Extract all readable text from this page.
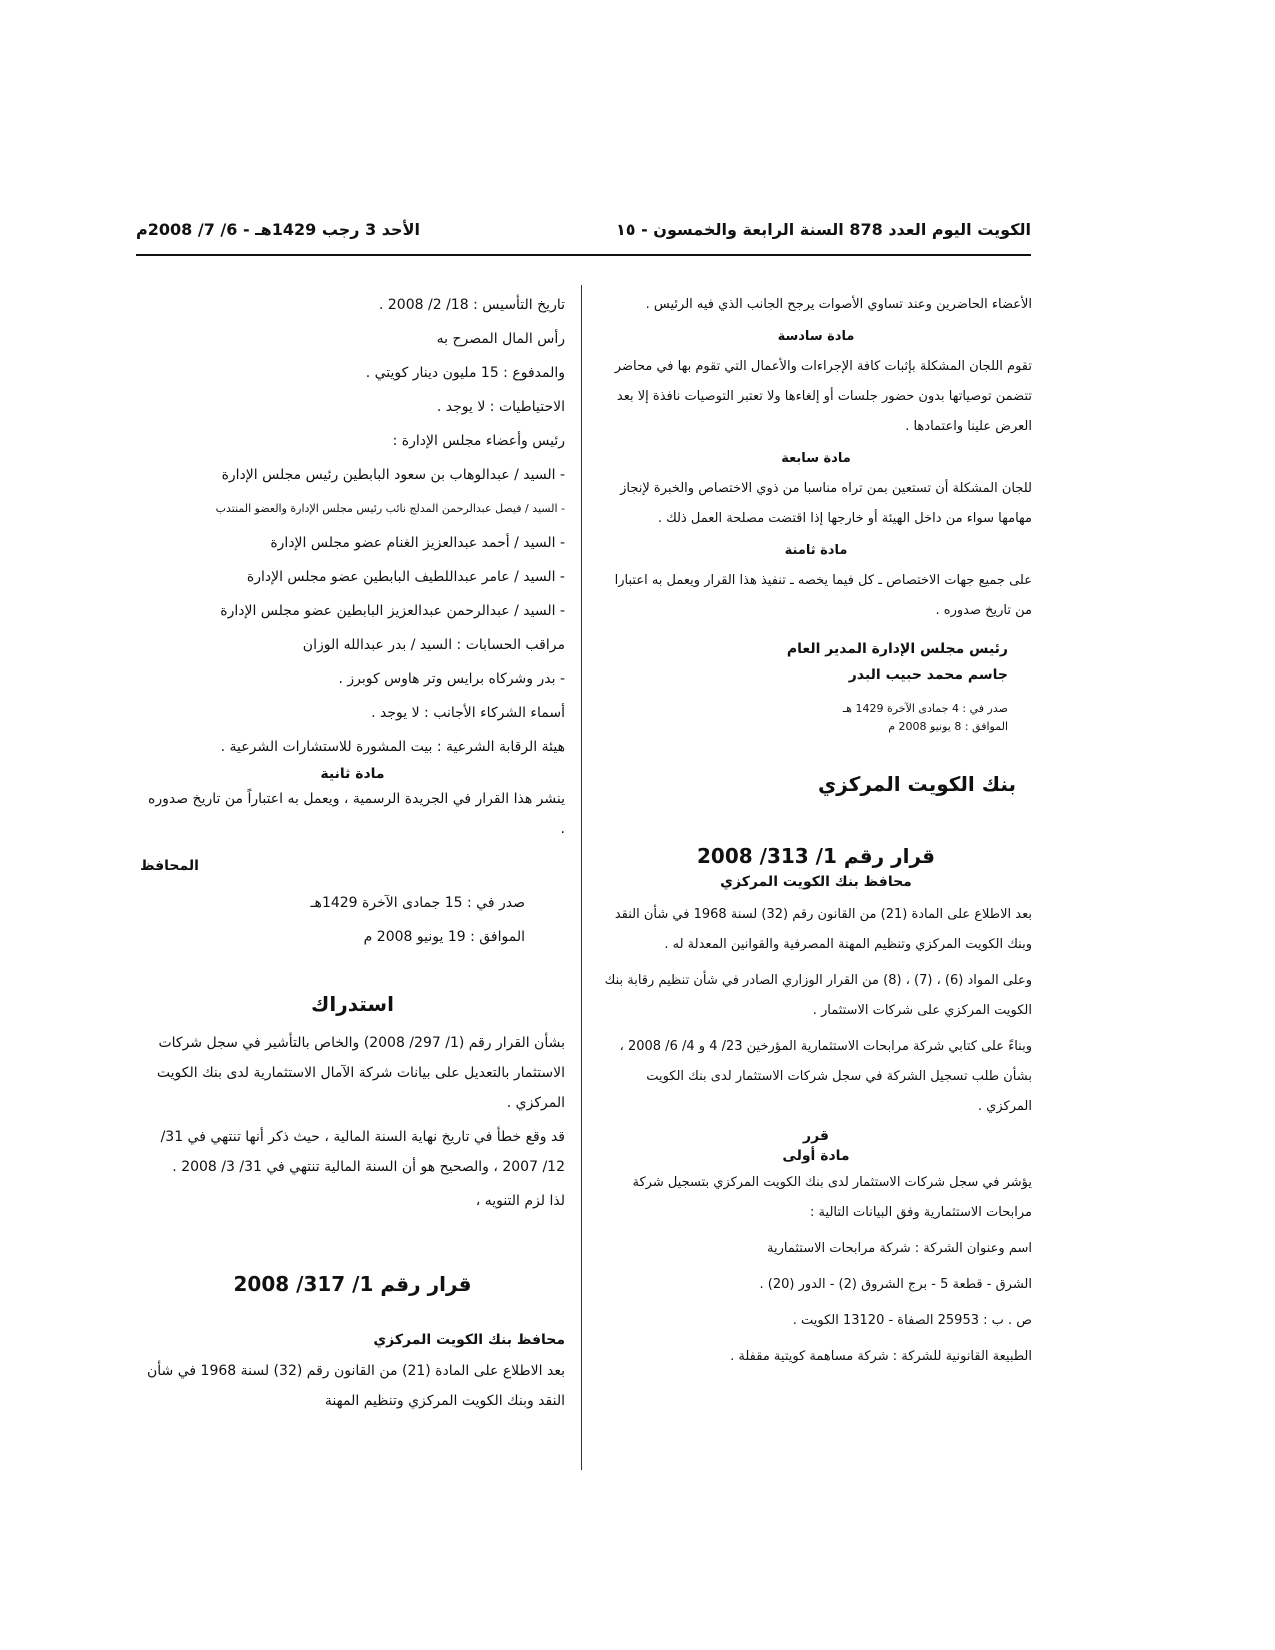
الكويت اليوم العدد 878 السنة الرابعة والخمسون - ١٥
الأحد 3 رجب 1429هـ - 6/ 7/ 2008م

الأعضاء الحاضرين وعند تساوي الأصوات يرجح الجانب الذي فيه الرئيس .

مادة سادسة

تقوم اللجان المشكلة بإثبات كافة الإجراءات والأعمال التي تقوم بها في محاضر تتضمن توصياتها بدون حضور جلسات أو إلغاءها ولا تعتبر التوصيات نافذة إلا بعد العرض علينا واعتمادها .

مادة سابعة

للجان المشكلة أن تستعين بمن تراه مناسبا من ذوي الاختصاص والخبرة لإنجاز مهامها سواء من داخل الهيئة أو خارجها إذا اقتضت مصلحة العمل ذلك .

مادة ثامنة

على جميع جهات الاختصاص ـ كل فيما يخصه ـ تنفيذ هذا القرار ويعمل به اعتبارا من تاريخ صدوره .

رئيس مجلس الإدارة المدير العام
جاسم محمد حبيب البدر
صدر في : 4 جمادى الآخرة 1429 هـ
الموافق : 8 يونيو 2008 م
بنك الكويت المركزي
قرار رقم 1/ 313/ 2008
محافظ بنك الكويت المركزي

بعد الاطلاع على المادة (21) من القانون رقم (32) لسنة 1968 في شأن النقد وبنك الكويت المركزي وتنظيم المهنة المصرفية والقوانين المعدلة له .

وعلى المواد (6) ، (7) ، (8) من القرار الوزاري الصادر في شأن تنظيم رقابة بنك الكويت المركزي على شركات الاستثمار .

وبناءً على كتابي شركة مرابحات الاستثمارية المؤرخين 23/ 4 و 4/ 6/ 2008 ، بشأن طلب تسجيل الشركة في سجل شركات الاستثمار لدى بنك الكويت المركزي .

قرر
مادة أولى

يؤشر في سجل شركات الاستثمار لدى بنك الكويت المركزي بتسجيل شركة مرابحات الاستثمارية وفق البيانات التالية :

اسم وعنوان الشركة : شركة مرابحات الاستثمارية

الشرق - قطعة 5 - برج الشروق (2) - الدور (20) .

ص . ب : 25953 الصفاة - 13120 الكويت .

الطبيعة القانونية للشركة : شركة مساهمة كويتية مقفلة .

تاريخ التأسيس : 18/ 2/ 2008 .

رأس المال المصرح به

والمدفوع : 15 مليون دينار كويتي .

الاحتياطيات : لا يوجد .

رئيس وأعضاء مجلس الإدارة :

- السيد / عبدالوهاب بن سعود البابطين رئيس مجلس الإدارة

- السيد / فيصل عبدالرحمن المدلج نائب رئيس مجلس الإدارة والعضو المنتدب

- السيد / أحمد عبدالعزيز الغنام عضو مجلس الإدارة

- السيد / عامر عبداللطيف البابطين عضو مجلس الإدارة

- السيد / عبدالرحمن عبدالعزيز البابطين عضو مجلس الإدارة

مراقب الحسابات : السيد / بدر عبدالله الوزان

- بدر وشركاه برايس وتر هاوس كوبرز .

أسماء الشركاء الأجانب : لا يوجد .

هيئة الرقابة الشرعية : بيت المشورة للاستشارات الشرعية .

مادة ثانية

ينشر هذا القرار في الجريدة الرسمية ، ويعمل به اعتباراً من تاريخ صدوره .

المحافظ

صدر في : 15 جمادى الآخرة 1429هـ

الموافق : 19 يونيو 2008 م

استدراك

بشأن القرار رقم (1/ 297/ 2008) والخاص بالتأشير في سجل شركات الاستثمار بالتعديل على بيانات شركة الآمال الاستثمارية لدى بنك الكويت المركزي .

قد وقع خطأ في تاريخ نهاية السنة المالية ، حيث ذكر أنها تنتهي في 31/ 12/ 2007 ، والصحيح هو أن السنة المالية تنتهي في 31/ 3/ 2008 .

لذا لزم التنويه ،

قرار رقم 1/ 317/ 2008
محافظ بنك الكويت المركزي

بعد الاطلاع على المادة (21) من القانون رقم (32) لسنة 1968 في شأن النقد وبنك الكويت المركزي وتنظيم المهنة
